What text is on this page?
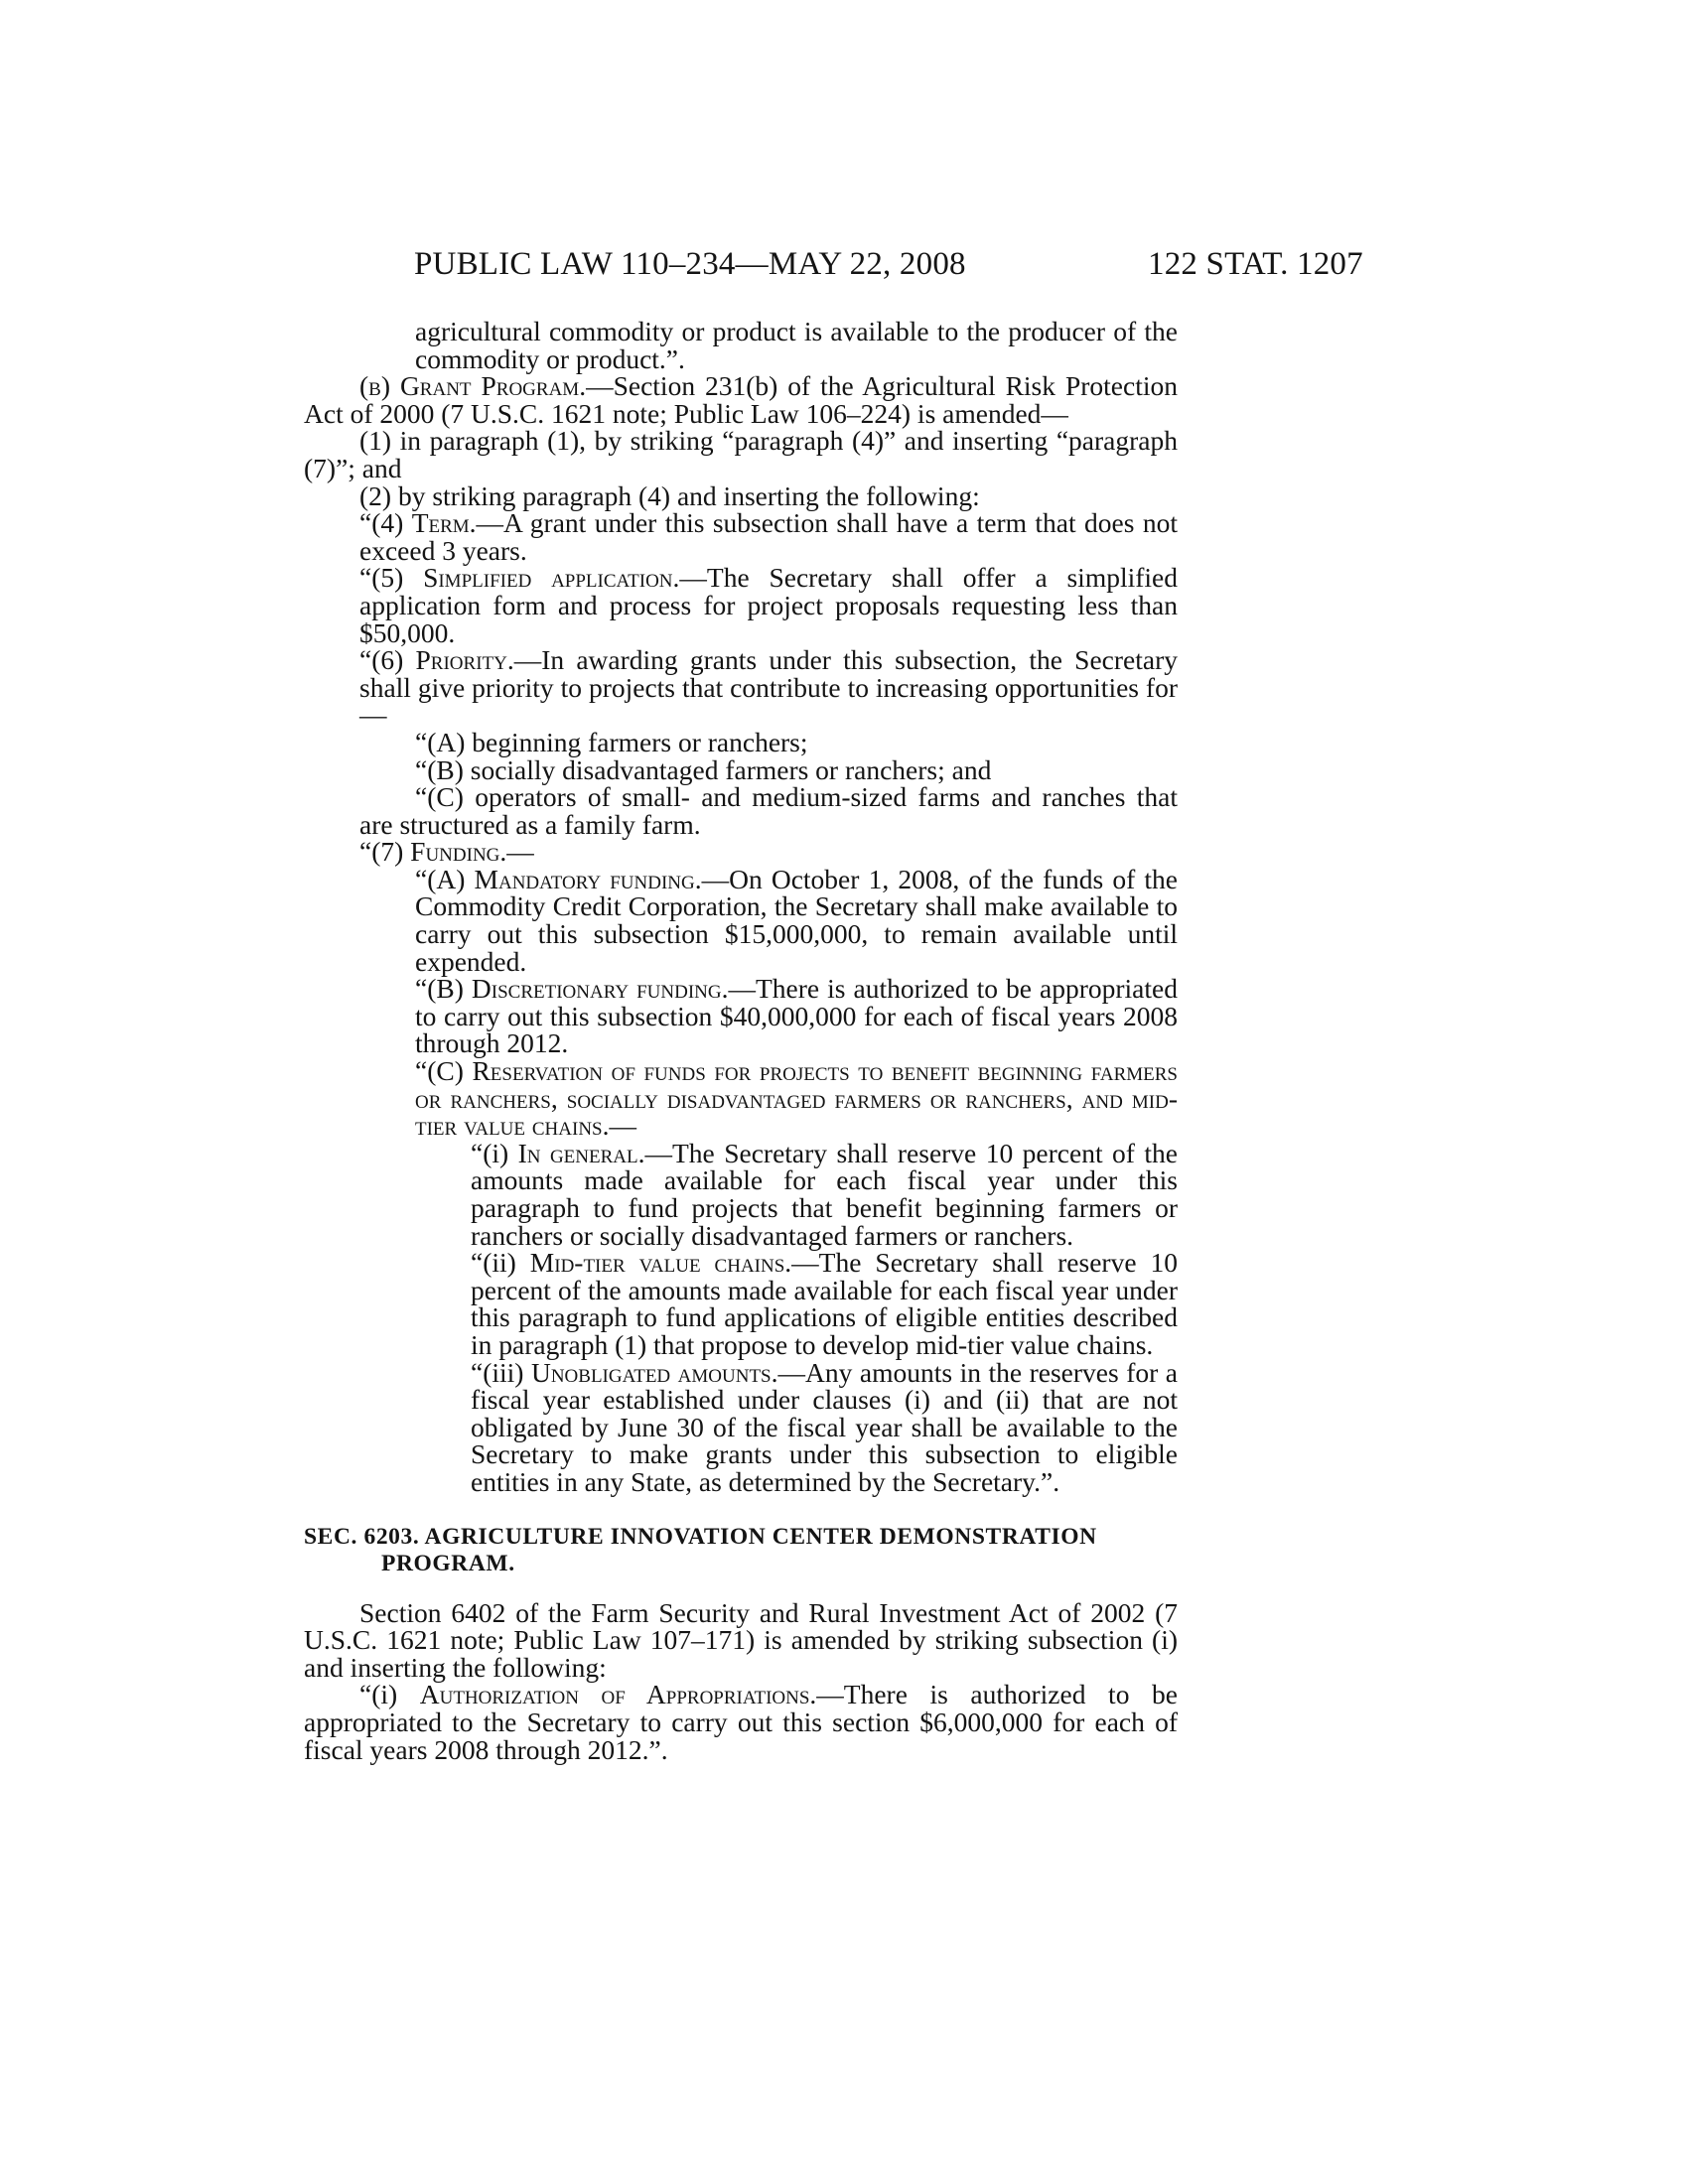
PUBLIC LAW 110–234—MAY 22, 2008	122 STAT. 1207

agricultural commodity or product is available to the producer of the commodity or product.”.

(b) Grant Program.—Section 231(b) of the Agricultural Risk Protection Act of 2000 (7 U.S.C. 1621 note; Public Law 106–224) is amended—

(1) in paragraph (1), by striking “paragraph (4)” and inserting “paragraph (7)”; and

(2) by striking paragraph (4) and inserting the following:

“(4) Term.—A grant under this subsection shall have a term that does not exceed 3 years.

“(5) Simplified application.—The Secretary shall offer a simplified application form and process for project proposals requesting less than $50,000.

“(6) Priority.—In awarding grants under this subsection, the Secretary shall give priority to projects that contribute to increasing opportunities for—

“(A) beginning farmers or ranchers;

“(B) socially disadvantaged farmers or ranchers; and

“(C) operators of small- and medium-sized farms and ranches that are structured as a family farm.

“(7) Funding.—

“(A) Mandatory funding.—On October 1, 2008, of the funds of the Commodity Credit Corporation, the Secretary shall make available to carry out this subsection $15,000,000, to remain available until expended.

“(B) Discretionary funding.—There is authorized to be appropriated to carry out this subsection $40,000,000 for each of fiscal years 2008 through 2012.

“(C) Reservation of funds for projects to benefit beginning farmers or ranchers, socially disadvantaged farmers or ranchers, and mid-tier value chains.—

“(i) In general.—The Secretary shall reserve 10 percent of the amounts made available for each fiscal year under this paragraph to fund projects that benefit beginning farmers or ranchers or socially disadvantaged farmers or ranchers.

“(ii) Mid-tier value chains.—The Secretary shall reserve 10 percent of the amounts made available for each fiscal year under this paragraph to fund applications of eligible entities described in paragraph (1) that propose to develop mid-tier value chains.

“(iii) Unobligated amounts.—Any amounts in the reserves for a fiscal year established under clauses (i) and (ii) that are not obligated by June 30 of the fiscal year shall be available to the Secretary to make grants under this subsection to eligible entities in any State, as determined by the Secretary.”.

SEC. 6203. AGRICULTURE INNOVATION CENTER DEMONSTRATION PROGRAM.

Section 6402 of the Farm Security and Rural Investment Act of 2002 (7 U.S.C. 1621 note; Public Law 107–171) is amended by striking subsection (i) and inserting the following:

“(i) Authorization of Appropriations.—There is authorized to be appropriated to the Secretary to carry out this section $6,000,000 for each of fiscal years 2008 through 2012.”.
